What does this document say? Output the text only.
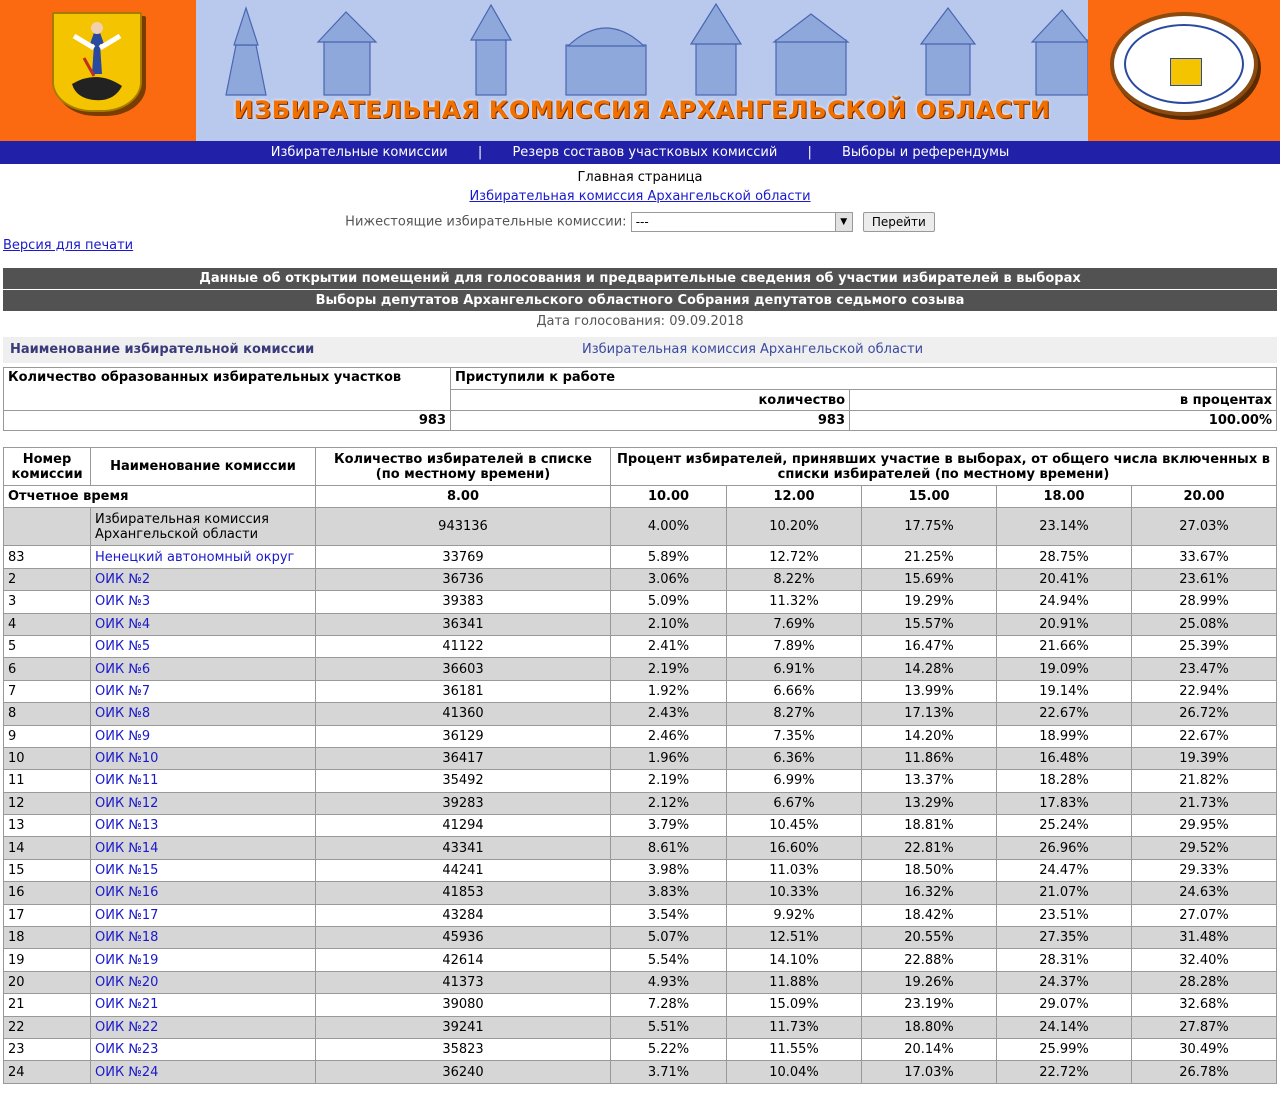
ИЗБИРАТЕЛЬНАЯ КОМИССИЯ АРХАНГЕЛЬСКОЙ ОБЛАСТИ
Избирательные комиссии | Резерв составов участковых комиссий | Выборы и референдумы
Главная страница
Избирательная комиссия Архангельской области
Нижестоящие избирательные комиссии: ---	▼	Перейти
Версия для печати
Данные об открытии помещений для голосования и предварительные сведения об участии избирателей в выборах
Выборы депутатов Архангельского областного Собрания депутатов седьмого созыва
Дата голосования: 09.09.2018
Наименование избирательной комиссии	Избирательная комиссия Архангельской области
Количество образованных избирательных участков	Приступили к работе	
	количество	в процентах
983	983	100.00%
Номер комиссии	Наименование комиссии	Количество избирателей в списке (по местному времени)	Процент избирателей, принявших участие в выборах, от общего числа включенных в списки избирателей (по местному времени)				
Отчетное время		8.00	10.00	12.00	15.00	18.00	20.00
	Избирательная комиссия Архангельской области	943136	4.00%	10.20%	17.75%	23.14%	27.03%
83	Ненецкий автономный округ	33769	5.89%	12.72%	21.25%	28.75%	33.67%
2	ОИК №2	36736	3.06%	8.22%	15.69%	20.41%	23.61%
3	ОИК №3	39383	5.09%	11.32%	19.29%	24.94%	28.99%
4	ОИК №4	36341	2.10%	7.69%	15.57%	20.91%	25.08%
5	ОИК №5	41122	2.41%	7.89%	16.47%	21.66%	25.39%
6	ОИК №6	36603	2.19%	6.91%	14.28%	19.09%	23.47%
7	ОИК №7	36181	1.92%	6.66%	13.99%	19.14%	22.94%
8	ОИК №8	41360	2.43%	8.27%	17.13%	22.67%	26.72%
9	ОИК №9	36129	2.46%	7.35%	14.20%	18.99%	22.67%
10	ОИК №10	36417	1.96%	6.36%	11.86%	16.48%	19.39%
11	ОИК №11	35492	2.19%	6.99%	13.37%	18.28%	21.82%
12	ОИК №12	39283	2.12%	6.67%	13.29%	17.83%	21.73%
13	ОИК №13	41294	3.79%	10.45%	18.81%	25.24%	29.95%
14	ОИК №14	43341	8.61%	16.60%	22.81%	26.96%	29.52%
15	ОИК №15	44241	3.98%	11.03%	18.50%	24.47%	29.33%
16	ОИК №16	41853	3.83%	10.33%	16.32%	21.07%	24.63%
17	ОИК №17	43284	3.54%	9.92%	18.42%	23.51%	27.07%
18	ОИК №18	45936	5.07%	12.51%	20.55%	27.35%	31.48%
19	ОИК №19	42614	5.54%	14.10%	22.88%	28.31%	32.40%
20	ОИК №20	41373	4.93%	11.88%	19.26%	24.37%	28.28%
21	ОИК №21	39080	7.28%	15.09%	23.19%	29.07%	32.68%
22	ОИК №22	39241	5.51%	11.73%	18.80%	24.14%	27.87%
23	ОИК №23	35823	5.22%	11.55%	20.14%	25.99%	30.49%
24	ОИК №24	36240	3.71%	10.04%	17.03%	22.72%	26.78%
